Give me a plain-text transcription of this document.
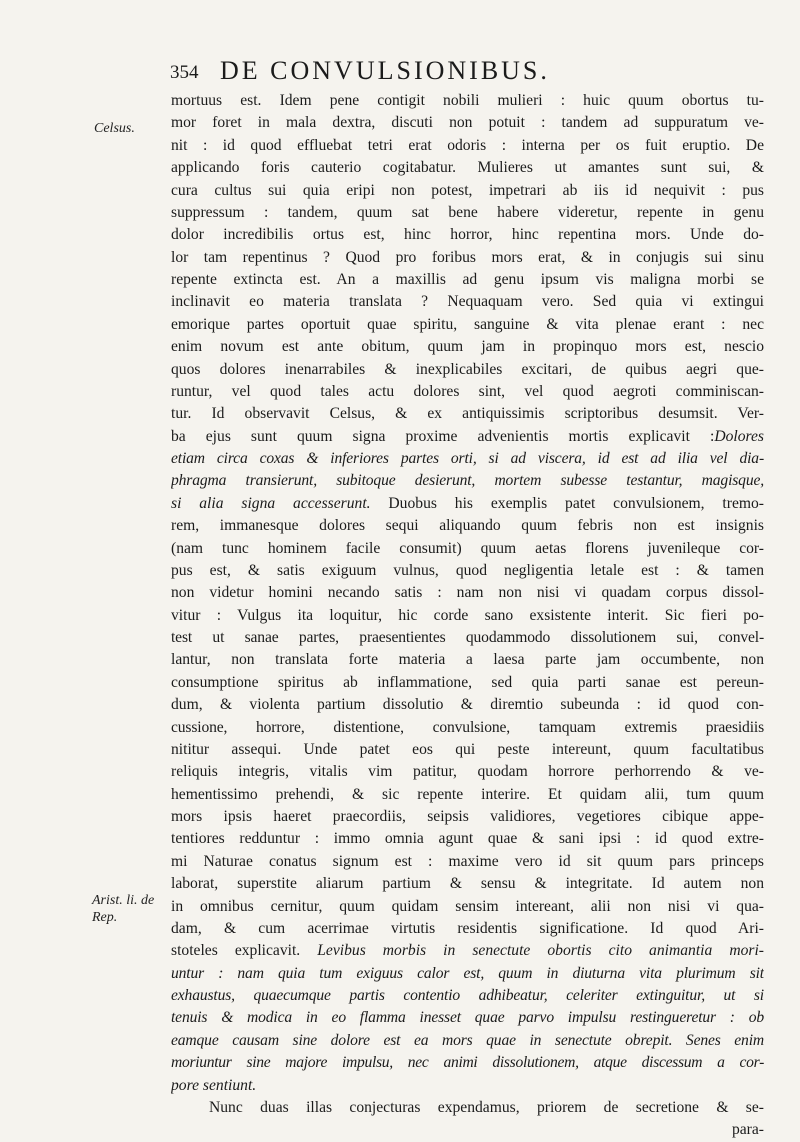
354 DE CONVULSIONIBUS.
Celsus.
Arist. li. de
Rep.
mortuus est. Idem pene contigit nobili mulieri : huic quum obortus tu-
mor foret in mala dextra, discuti non potuit : tandem ad suppuratum ve-
nit : id quod effluebat tetri erat odoris : interna per os fuit eruptio. De
applicando foris cauterio cogitabatur. Mulieres ut amantes sunt sui, &
cura cultus sui quia eripi non potest, impetrari ab iis id nequivit : pus
suppressum : tandem, quum sat bene habere videretur, repente in genu
dolor incredibilis ortus est, hinc horror, hinc repentina mors. Unde do-
lor tam repentinus ? Quod pro foribus mors erat, & in conjugis sui sinu
repente extincta est. An a maxillis ad genu ipsum vis maligna morbi se
inclinavit eo materia translata ? Nequaquam vero. Sed quia vi extingui
emorique partes oportuit quae spiritu, sanguine & vita plenae erant : nec
enim novum est ante obitum, quum jam in propinquo mors est, nescio
quos dolores inenarrabiles & inexplicabiles excitari, de quibus aegri que-
runtur, vel quod tales actu dolores sint, vel quod aegroti comminiscan-
tur. Id observavit Celsus, & ex antiquissimis scriptoribus desumsit. Ver-
ba ejus sunt quum signa proxime advenientis mortis explicavit :Dolores
etiam circa coxas & inferiores partes orti, si ad viscera, id est ad ilia vel dia-
phragma transierunt, subitoque desierunt, mortem subesse testantur, magisque,
si alia signa accesserunt. Duobus his exemplis patet convulsionem, tremo-
rem, immanesque dolores sequi aliquando quum febris non est insignis
(nam tunc hominem facile consumit) quum aetas florens juvenileque cor-
pus est, & satis exiguum vulnus, quod negligentia letale est : & tamen
non videtur homini necando satis : nam non nisi vi quadam corpus dissol-
vitur : Vulgus ita loquitur, hic corde sano exsistente interit. Sic fieri po-
test ut sanae partes, praesentientes quodammodo dissolutionem sui, convel-
lantur, non translata forte materia a laesa parte jam occumbente, non
consumptione spiritus ab inflammatione, sed quia parti sanae est pereun-
dum, & violenta partium dissolutio & diremtio subeunda : id quod con-
cussione, horrore, distentione, convulsione, tamquam extremis praesidiis
nititur assequi. Unde patet eos qui peste intereunt, quum facultatibus
reliquis integris, vitalis vim patitur, quodam horrore perhorrendo & ve-
hementissimo prehendi, & sic repente interire. Et quidam alii, tum quum
mors ipsis haeret praecordiis, seipsis validiores, vegetiores cibique appe-
tentiores redduntur : immo omnia agunt quae & sani ipsi : id quod extre-
mi Naturae conatus signum est : maxime vero id sit quum pars princeps
laborat, superstite aliarum partium & sensu & integritate. Id autem non
in omnibus cernitur, quum quidam sensim intereant, alii non nisi vi qua-
dam, & cum acerrimae virtutis residentis significatione. Id quod Ari-
stoteles explicavit. Levibus morbis in senectute obortis cito animantia mori-
untur : nam quia tum exiguus calor est, quum in diuturna vita plurimum sit
exhaustus, quaecumque partis contentio adhibeatur, celeriter extinguitur, ut si
tenuis & modica in eo flamma inesset quae parvo impulsu restingueretur : ob
eamque causam sine dolore est ea mors quae in senectute obrepit. Senes enim
moriuntur sine majore impulsu, nec animi dissolutionem, atque discessum a cor-
pore sentiunt.
Nunc duas illas conjecturas expendamus, priorem de secretione & se-
para-
